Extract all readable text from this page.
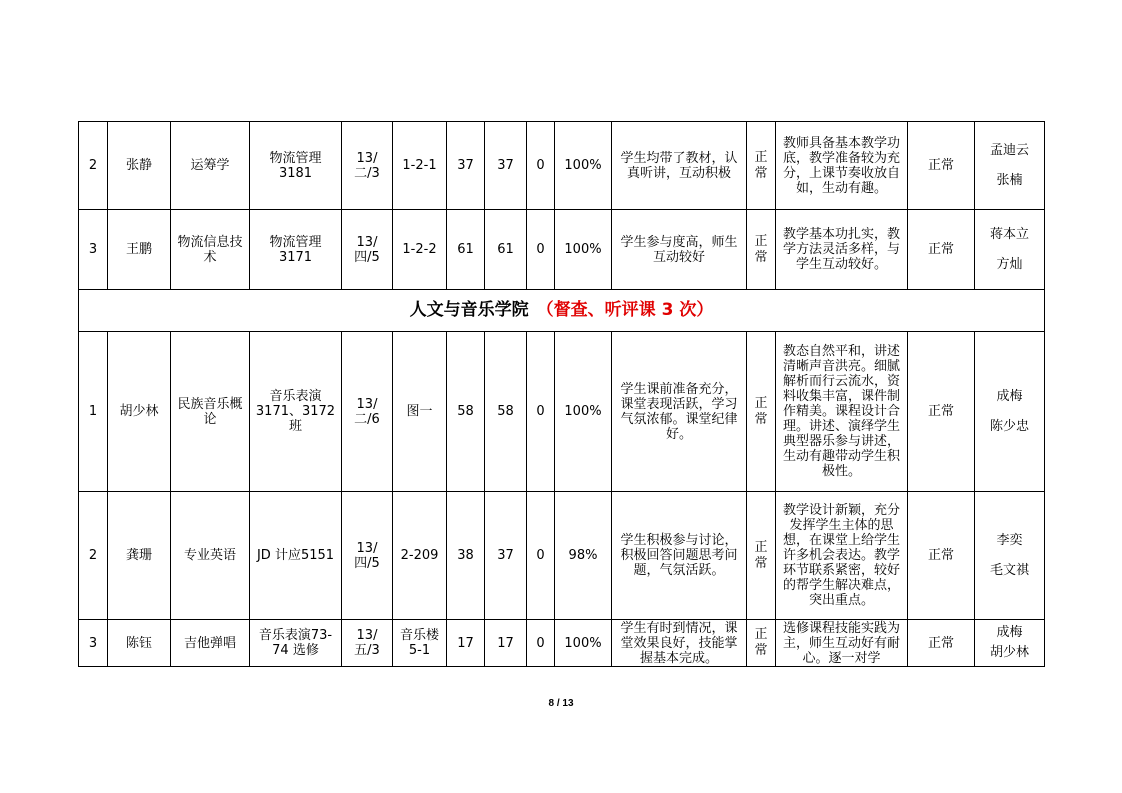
2	张静	运筹学	物流管理3181	13/二/3	1-2-1	37	37	0	100%	学生均带了教材，认真听讲，互动积极	正常	教师具备基本教学功底，教学准备较为充分，上课节奏收放自如，生动有趣。	正常	孟迪云
张楠

3	王鹏	物流信息技术	物流管理3171	13/四/5	1-2-2	61	61	0	100%	学生参与度高，师生互动较好	正常	教学基本功扎实，教学方法灵活多样，与学生互动较好。	正常	蒋本立
方灿

人文与音乐学院 （督查、听评课 3 次）														
1	胡少林	民族音乐概论	音乐表演3171、3172班	13/二/6	图一	58	58	0	100%	学生课前准备充分，课堂表现活跃，学习气氛浓郁。课堂纪律好。	正常	教态自然平和，讲述清晰声音洪亮。细腻解析而行云流水，资料收集丰富，课件制作精美。课程设计合理。讲述、演绎学生典型器乐参与讲述，生动有趣带动学生积极性。	正常	成梅
陈少忠

2	龚珊	专业英语	JD 计应5151	13/四/5	2-209	38	37	0	98%	学生积极参与讨论，积极回答问题思考问题，气氛活跃。	正常	教学设计新颖，充分发挥学生主体的思想，在课堂上给学生许多机会表达。教学环节联系紧密，较好的帮学生解决难点，突出重点。	正常	李奕
毛文祺

3	陈钰	吉他弹唱	音乐表演73-74 选修	13/五/3	音乐楼5-1	17	17	0	100%	学生有时到情况，课堂效果良好，技能掌握基本完成。	正常	选修课程技能实践为主，师生互动好有耐心。逐一对学	正常	成梅
胡少林
8 / 13
